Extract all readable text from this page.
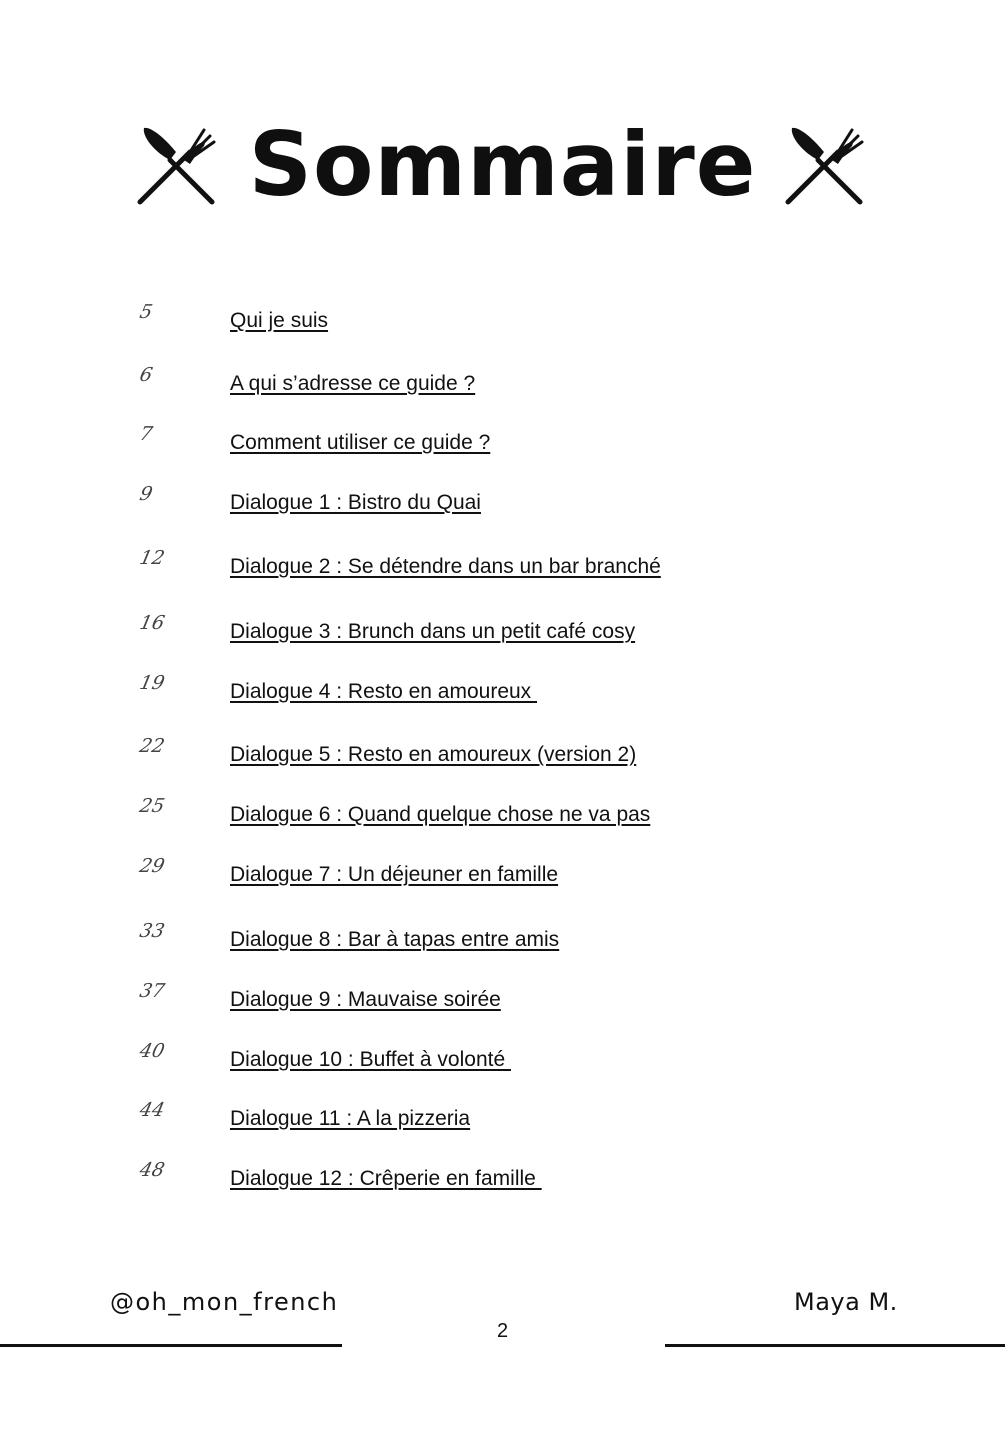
Sommaire
5	Qui je suis
6	A qui s’adresse ce guide ?
7	Comment utiliser ce guide ?
9	Dialogue 1 : Bistro du Quai
12	Dialogue 2 : Se détendre dans un bar branché
16	Dialogue 3 : Brunch dans un petit café cosy
19	Dialogue 4 : Resto en amoureux
22	Dialogue 5 : Resto en amoureux (version 2)
25	Dialogue 6 : Quand quelque chose ne va pas
29	Dialogue 7 : Un déjeuner en famille
33	Dialogue 8 : Bar à tapas entre amis
37	Dialogue 9 : Mauvaise soirée
40	Dialogue 10 : Buffet à volonté
44	Dialogue 11 : A la pizzeria
48	Dialogue 12 : Crêperie en famille
@oh_mon_french	Maya M.
2
